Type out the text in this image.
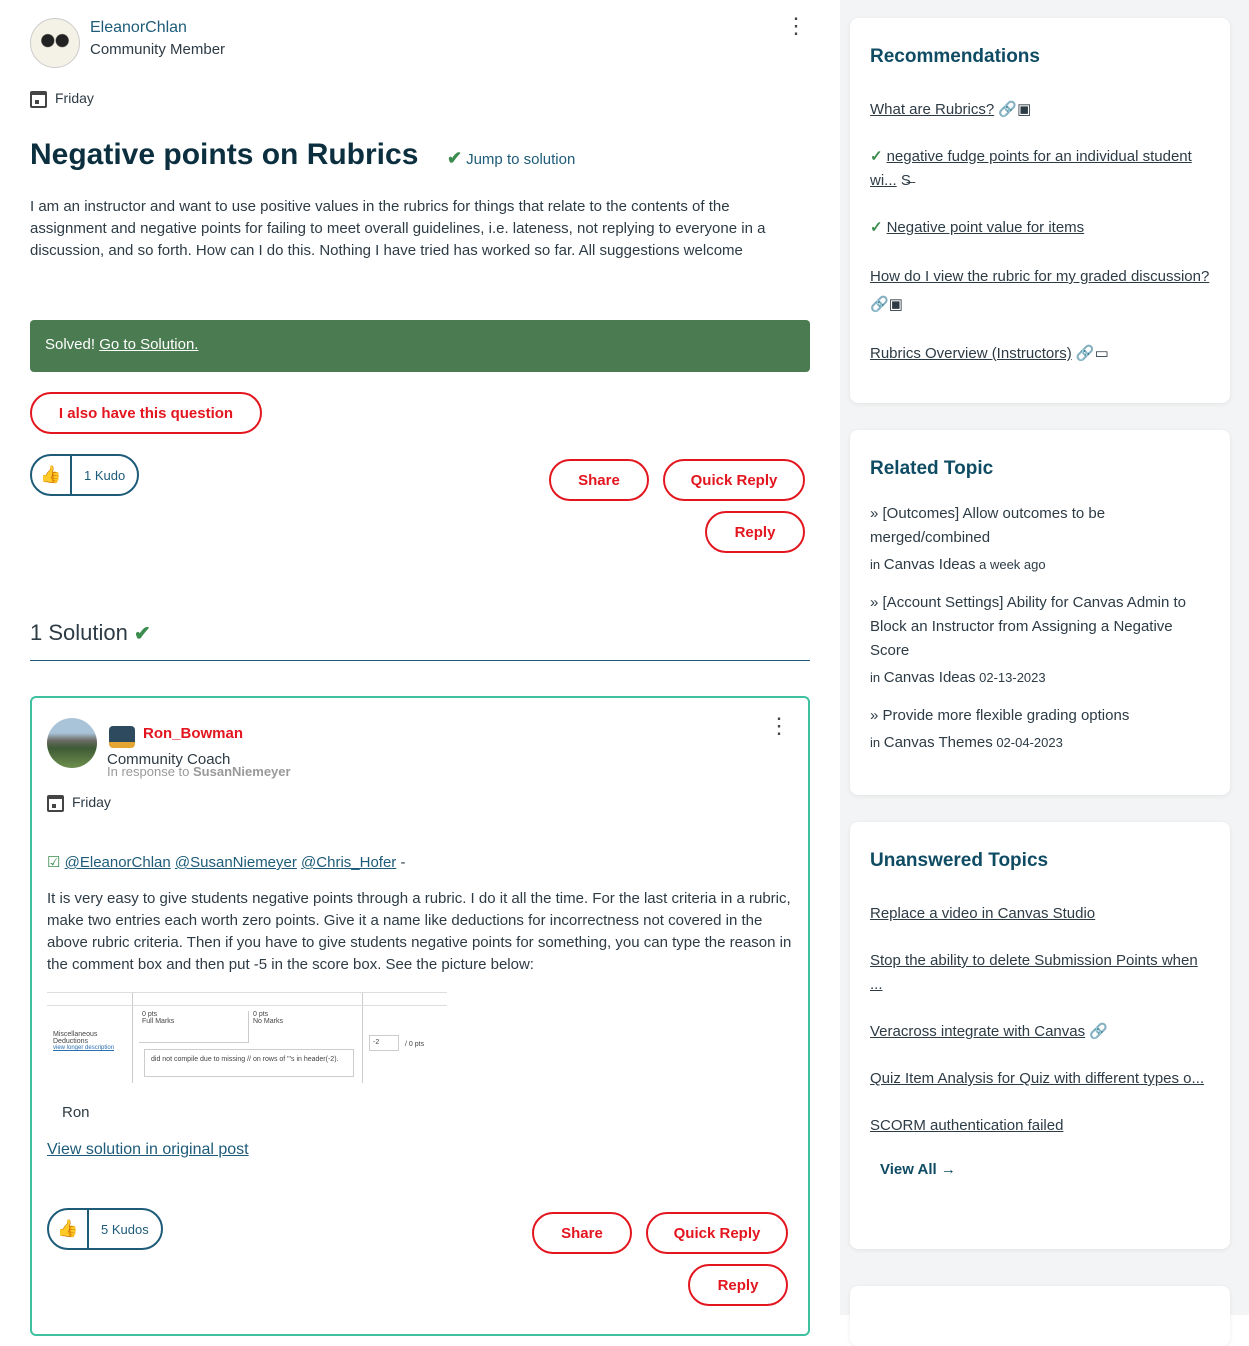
EleanorChlan
Community Member
⋮
Friday
Negative points on Rubrics ✔ Jump to solution

I am an instructor and want to use positive values in the rubrics for things that relate to the contents of the assignment and negative points for failing to meet overall guidelines, i.e. lateness, not replying to everyone in a discussion, and so forth. How can I do this. Nothing I have tried has worked so far. All suggestions welcome

Solved! Go to Solution.
I also have this question
👍	1 Kudo	Share	Quick Reply
Reply
1 Solution ✔
Ron_Bowman
Community Coach
In response to SusanNiemeyer
⋮
Friday
☑ @EleanorChlan @SusanNiemeyer @Chris_Hofer -

It is very easy to give students negative points through a rubric. I do it all the time. For the last criteria in a rubric, make two entries each worth zero points. Give it a name like deductions for incorrectness not covered in the above rubric criteria. Then if you have to give students negative points for something, you can type the reason in the comment box and then put -5 in the score box. See the picture below:

Miscellaneous Deductions
view longer description
0 pts
Full Marks
0 pts
No Marks
did not compile due to missing // on rows of "'s in header(-2).
-2	/ 0 pts
Ron
View solution in original post
👍	5 Kudos	Share	Quick Reply
Reply
Recommendations
What are Rubrics? 🔗▣
✓ negative fudge points for an individual student wi... S̶
✓ Negative point value for items
How do I view the rubric for my graded discussion? 🔗▣
Rubrics Overview (Instructors) 🔗▭
Related Topic
» [Outcomes] Allow outcomes to be merged/combined
in Canvas Ideas a week ago
» [Account Settings] Ability for Canvas Admin to Block an Instructor from Assigning a Negative Score
in Canvas Ideas 02-13-2023
» Provide more flexible grading options
in Canvas Themes 02-04-2023
Unanswered Topics
Replace a video in Canvas Studio
Stop the ability to delete Submission Points when ...
Veracross integrate with Canvas 🔗
Quiz Item Analysis for Quiz with different types o...
SCORM authentication failed
View All →
